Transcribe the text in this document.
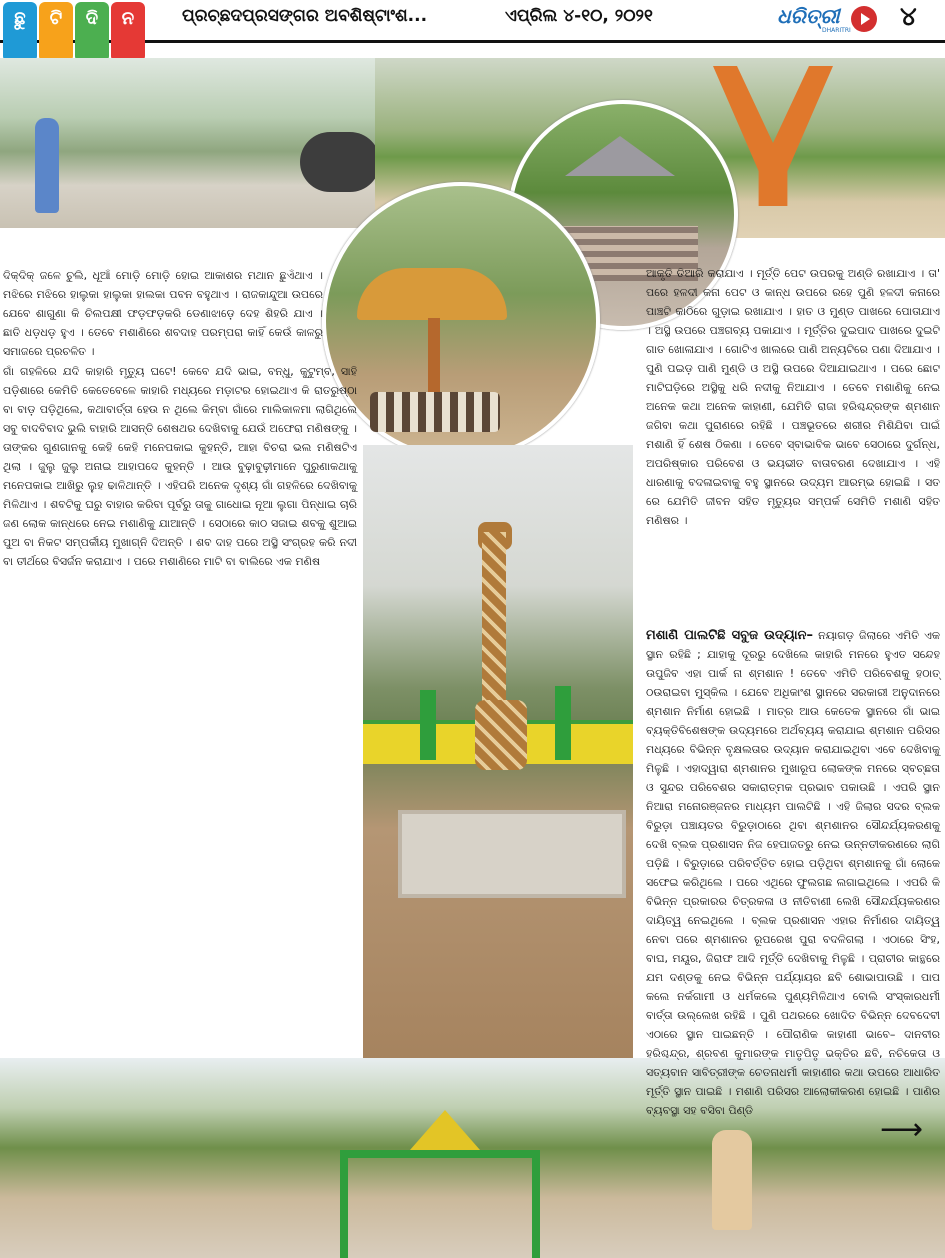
ଛୁ	ଟି	ଦି	ନ	ପ୍ରଚ୍ଛଦପ୍ରସଙ୍ଗର ଅବଶିଷ୍ଟାଂଶ...	ଏପ୍ରିଲ ୪-୧୦, ୨୦୨୧	ଧରିତ୍ରୀ
DHARITRI ୪
⟶

ଦିକ୍‌ଦିକ୍ ଜଳେ ଚୁଲି, ଧୂଆଁ ମୋଡ଼ି ମୋଡ଼ି ହୋଇ ଆକାଶର ମଥାନ ଛୁଏଁଥାଏ । ମଝିରେ ମଝିରେ ହାଲୁକା ହାଲୁକା ହାଲକା ପବନ ବହୁଥାଏ । ରାଜକାନ୍ଦୁଆ ଉପରେ ଯେବେ ଶାଗୁଣା କି ଚିଲପକ୍ଷୀ ଫଡ଼ଫଡ଼କରି ଡେଣାଝାଡ଼େ ଦେହ ଶିହରି ଯାଏ । ଛାତି ଧଡ଼ଧଡ଼ ହୁଏ । ତେବେ ମଶାଣିରେ ଶବଦାହ ପରମ୍ପରା କାହିଁ କେଉଁ କାଳରୁ ସମାଜରେ ପ୍ରଚଳିତ ।

ଗାଁ ଗହଳିରେ ଯଦି କାହାରି ମୃତ୍ୟୁ ଘଟେ! କେବେ ଯଦି ଭାଇ, ବନ୍ଧୁ, କୁଟୁମ୍ବ, ସାହି ପଡ଼ିଶାରେ କେମିତି କେତେବେଳେ କାହାରି ମଧ୍ୟରେ ମଡ଼ାଟର ହୋଇଥାଏ କି ରାତରୁଷ୍ଠା ବା ବାଡ଼ ପଡ଼ିଥିଲେ, କଥାବାର୍ତ୍ତା ହେଉ ନ ଥିଲେ କିମ୍ବା ଗାଁରେ ମାଲିକାଳମା ଲାଗିଥିଲେ ସବୁ ବାଦବିବାଦ ଭୁଲି ବାହାରି ଆସନ୍ତି ଶେଷଥର ଦେଖିବାକୁ ଯେଉଁ ଅଫେରା ମଣିଷଙ୍କୁ । ତାଙ୍କର ଗୁଣଗାନକୁ କେହି କେହି ମନେପକାଇ କୁହନ୍ତି, ଆହା ବିଚରା ଭଲ ମଣିଷଟିଏ ଥିଲା । ଜୁଲୁ ଜୁଲୁ ଅନାଇ ଆହାପଦେ କୁହନ୍ତି । ଆଉ ବୁଢ଼ାବୁଢ଼ୀମାନେ ପୁରୁଣାକଥାକୁ ମନେପକାଇ ଆଖିରୁ ଲୁହ ଢାଳିଥାନ୍ତି । ଏହିପରି ଅନେକ ଦୃଶ୍ୟ ଗାଁ ଗହଳିରେ ଦେଖିବାକୁ ମିଳିଥାଏ । ଶବଟିକୁ ଘରୁ ବାହାର କରିବା ପୂର୍ବରୁ ତାକୁ ଗାଧୋଇ ନୂଆ ଲୁଗା ପିନ୍ଧାଇ ଚାରି ଜଣ ଲୋକ କାନ୍ଧରେ ନେଇ ମଶାଣିକୁ ଯାଆନ୍ତି । ସେଠାରେ କାଠ ସଜାଇ ଶବକୁ ଶୁଆଇ ପୁଅ ବା ନିକଟ ସମ୍ପର୍କୀୟ ମୁଖାଗ୍ନି ଦିଅନ୍ତି । ଶବ ଦାହ ପରେ ଅସ୍ଥି ସଂଗ୍ରହ କରି ନଦୀ ବା ତୀର୍ଥରେ ବିସର୍ଜନ କରାଯାଏ । ପରେ ମଶାଣିରେ ମାଟି ବା ବାଲିରେ ଏକ ମଣିଷ

ଆକୃତି ତିଆରି କରାଯାଏ । ମୂର୍ତ୍ତି ପେଟ ଉପରକୁ ଅଣ୍ଡି ରଖାଯାଏ । ତା' ପରେ ହଳଦୀ କନା ପେଟ ଓ କାନ୍ଧ ଉପରେ ରହେ ପୁଣି ହଳଦୀ କନାରେ ପାଞ୍ଚଟି କାଠିରେ ଗୁଡ଼ାଇ ରଖାଯାଏ । ହାତ ଓ ମୁଣ୍ଡ ପାଖରେ ପୋତାଯାଏ । ଅସ୍ଥି ଉପରେ ପଞ୍ଚଗବ୍ୟ ପକାଯାଏ । ମୂର୍ତ୍ତିର ଦୁଇପାଦ ପାଖରେ ଦୁଇଟି ଗାତ ଖୋଳାଯାଏ । ଗୋଟିଏ ଖାଲରେ ପାଣି ଅନ୍ୟଟିରେ ପଣା ଦିଆଯାଏ । ପୁଣି ପଇଡ଼ ପାଣି ମୁଣ୍ଡି ଓ ଅସ୍ଥି ଉପରେ ଦିଆଯାଇଥାଏ । ପରେ ଛୋଟ ମାଟିଘଡ଼ିରେ ଅସ୍ଥିକୁ ଧରି ନଦୀକୁ ନିଆଯାଏ । ତେବେ ମଶାଣିକୁ ନେଇ ଅନେକ କଥା ଅନେକ କାହାଣୀ, ଯେମିତି ରାଜା ହରିଶ୍ଚନ୍ଦ୍ରଙ୍କ ଶ୍ମଶାନ ଜଗିବା କଥା ପୁରାଣରେ ରହିଛି । ପଞ୍ଚଭୂତରେ ଶରୀର ମିଶିଯିବା ପାଇଁ ମଶାଣି ହିଁ ଶେଷ ଠିକଣା । ତେବେ ସ୍ବାଭାବିକ ଭାବେ ସେଠାରେ ଦୁର୍ଗନ୍ଧ, ଅପରିଷ୍କାର ପରିବେଶ ଓ ଭୟଭୀତ ବାତାବରଣ ଦେଖାଯାଏ । ଏହି ଧାରଣାକୁ ବଦଳାଇବାକୁ ବହୁ ସ୍ଥାନରେ ଉଦ୍ୟମ ଆରମ୍ଭ ହୋଇଛି । ସତ ରେ ଯେମିତି ଜୀବନ ସହିତ ମୃତ୍ୟୁର ସମ୍ପର୍କ ସେମିତି ମଶାଣି ସହିତ ମଣିଷର ।

ମଶାଣି ପାଲଟିଛି ସବୁଜ ଉଦ୍ୟାନ– ନୟାଗଡ଼ ଜିଲାରେ ଏମିତି ଏକ ସ୍ଥାନ ରହିଛି ; ଯାହାକୁ ଦୂରରୁ ଦେଖିଲେ କାହାରି ମନରେ ହୁଏତ ସନ୍ଦେହ ଉପୁଜିବ ଏହା ପାର୍କ ନା ଶ୍ମଶାନ ! ତେବେ ଏମିତି ପରିବେଶକୁ ହଠାତ୍ ଠଉରାଇବା ମୁସ୍କିଲ । ଯେବେ ଅଧିକାଂଶ ସ୍ଥାନରେ ସରକାରୀ ଅନୁଦାନରେ ଶ୍ମଶାନ ନିର୍ମାଣ ହୋଇଛି । ମାତ୍ର ଆଉ କେତେକ ସ୍ଥାନରେ ଗାଁ ଭାଇ ବ୍ୟକ୍ତିବିଶେଷଙ୍କ ଉଦ୍ୟମରେ ଅର୍ଥବ୍ୟୟ କରାଯାଇ ଶ୍ମଶାନ ପରିସର ମଧ୍ୟରେ ବିଭିନ୍ନ ବୃକ୍ଷଲତାର ଉଦ୍ୟାନ କରାଯାଇଥିବା ଏବେ ଦେଖିବାକୁ ମିଳୁଛି । ଏହାଦ୍ୱାରା ଶ୍ମଶାନର ମୁଖାରୂପ ଲୋକଙ୍କ ମନରେ ସ୍ବଚ୍ଛତା ଓ ସୁନ୍ଦର ପରିବେଶର ସକାରାତ୍ମକ ପ୍ରଭାବ ପକାଉଛି । ଏପରି ସ୍ଥାନ ନିଆରା ମନୋରଞ୍ଜନର ମାଧ୍ୟମ ପାଲଟିଛି । ଏହି ଜିଲାର ସଦର ବ୍ଲକ ବିରୁଡ଼ା ପଞ୍ଚାୟତର ବିରୁଡ଼ାଠାରେ ଥିବା ଶ୍ମଶାନର ସୌନ୍ଦର୍ଯ୍ୟକରଣକୁ ଦେଖି ବ୍ଲକ ପ୍ରଶାସନ ନିଜ ହେପାଜତରୁ ନେଇ ଉନ୍ନତୀକରଣରେ ଲାଗି ପଡ଼ିଛି । ବିରୁଡ଼ାରେ ପରିବର୍ତ୍ତିତ ହୋଇ ପଡ଼ିଥିବା ଶ୍ମଶାନକୁ ଗାଁ ଲୋକେ ସଫେଇ କରିଥିଲେ । ପରେ ଏଥିରେ ଫୁଲଗଛ ଲଗାଇଥିଲେ । ଏପରି କି ବିଭିନ୍ନ ପ୍ରକାରର ଚିତ୍ରକଳା ଓ ନୀତିବାଣୀ ଲେଖି ସୌନ୍ଦର୍ଯ୍ୟକରଣର ଦାୟିତ୍ୱ ନେଇଥିଲେ । ବ୍ଲକ ପ୍ରଶାସନ ଏହାର ନିର୍ମାଣର ଦାୟିତ୍ୱ ନେବା ପରେ ଶ୍ମଶାନର ରୂପରେଖ ପୁରା ବଦଳିଗଲା । ଏଠାରେ ସିଂହ, ବାଘ, ମୟୂର, ଜିରାଫ ଆଦି ମୂର୍ତ୍ତି ଦେଖିବାକୁ ମିଳୁଛି । ପ୍ରାଚୀର କାନ୍ଥରେ ଯମ ଦଣ୍ଡକୁ ନେଇ ବିଭିନ୍ନ ପର୍ଯ୍ୟାୟର ଛବି ଶୋଭାପାଉଛି । ପାପ କଲେ ନର୍କଗାମୀ ଓ ଧର୍ମକଲେ ପୁଣ୍ୟମିଳିଥାଏ ବୋଲି ସଂସ୍କାରଧର୍ମୀ ବାର୍ତ୍ତା ଉଲ୍ଲେଖ ରହିଛି । ପୁଣି ପଥରରେ ଖୋଦିତ ବିଭିନ୍ନ ଦେବଦେବୀ ଏଠାରେ ସ୍ଥାନ ପାଇଛନ୍ତି । ପୌରାଣିକ କାହାଣୀ ଭାବେ– ଦାନବୀର ହରିଶ୍ଚନ୍ଦ୍ର, ଶ୍ରବଣ କୁମାରଙ୍କ ମାତୃପିତୃ ଭକ୍ତିର ଛବି, ନଚିକେତା ଓ ସତ୍ୟବାନ ସାବିତ୍ରୀଙ୍କ ଚେତନାଧର୍ମୀ କାହାଣୀର କଥା ଉପରେ ଆଧାରିତ ମୂର୍ତ୍ତି ସ୍ଥାନ ପାଇଛି । ମଶାଣି ପରିସର ଆଲୋକୀକରଣ ହୋଇଛି । ପାଣିର ବ୍ୟବସ୍ଥା ସହ ବସିବା ପିଣ୍ଡି
